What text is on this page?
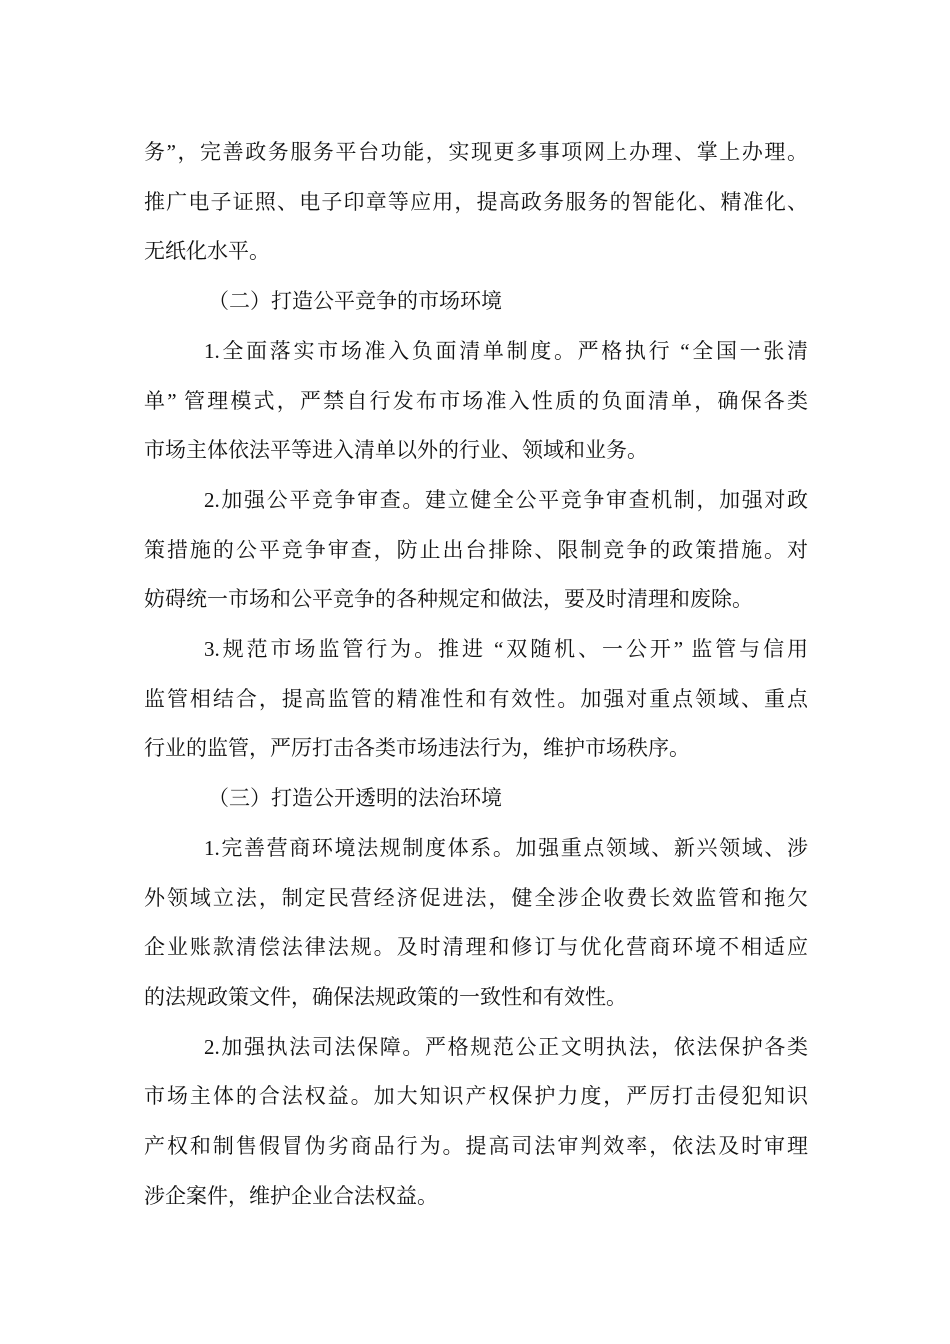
务”，完善政务服务平台功能，实现更多事项网上办理、掌上办理。
推广电子证照、电子印章等应用，提高政务服务的智能化、精准化、
无纸化水平。
（二）打造公平竞争的市场环境
1.全面落实市场准入负面清单制度。严格执行 “全国一张清
单” 管理模式，严禁自行发布市场准入性质的负面清单，确保各类
市场主体依法平等进入清单以外的行业、领域和业务。
2.加强公平竞争审查。建立健全公平竞争审查机制，加强对政
策措施的公平竞争审查，防止出台排除、限制竞争的政策措施。对
妨碍统一市场和公平竞争的各种规定和做法，要及时清理和废除。
3.规范市场监管行为。推进 “双随机、一公开” 监管与信用
监管相结合，提高监管的精准性和有效性。加强对重点领域、重点
行业的监管，严厉打击各类市场违法行为，维护市场秩序。
（三）打造公开透明的法治环境
1.完善营商环境法规制度体系。加强重点领域、新兴领域、涉
外领域立法，制定民营经济促进法，健全涉企收费长效监管和拖欠
企业账款清偿法律法规。及时清理和修订与优化营商环境不相适应
的法规政策文件，确保法规政策的一致性和有效性。
2.加强执法司法保障。严格规范公正文明执法，依法保护各类
市场主体的合法权益。加大知识产权保护力度，严厉打击侵犯知识
产权和制售假冒伪劣商品行为。提高司法审判效率，依法及时审理
涉企案件，维护企业合法权益。
